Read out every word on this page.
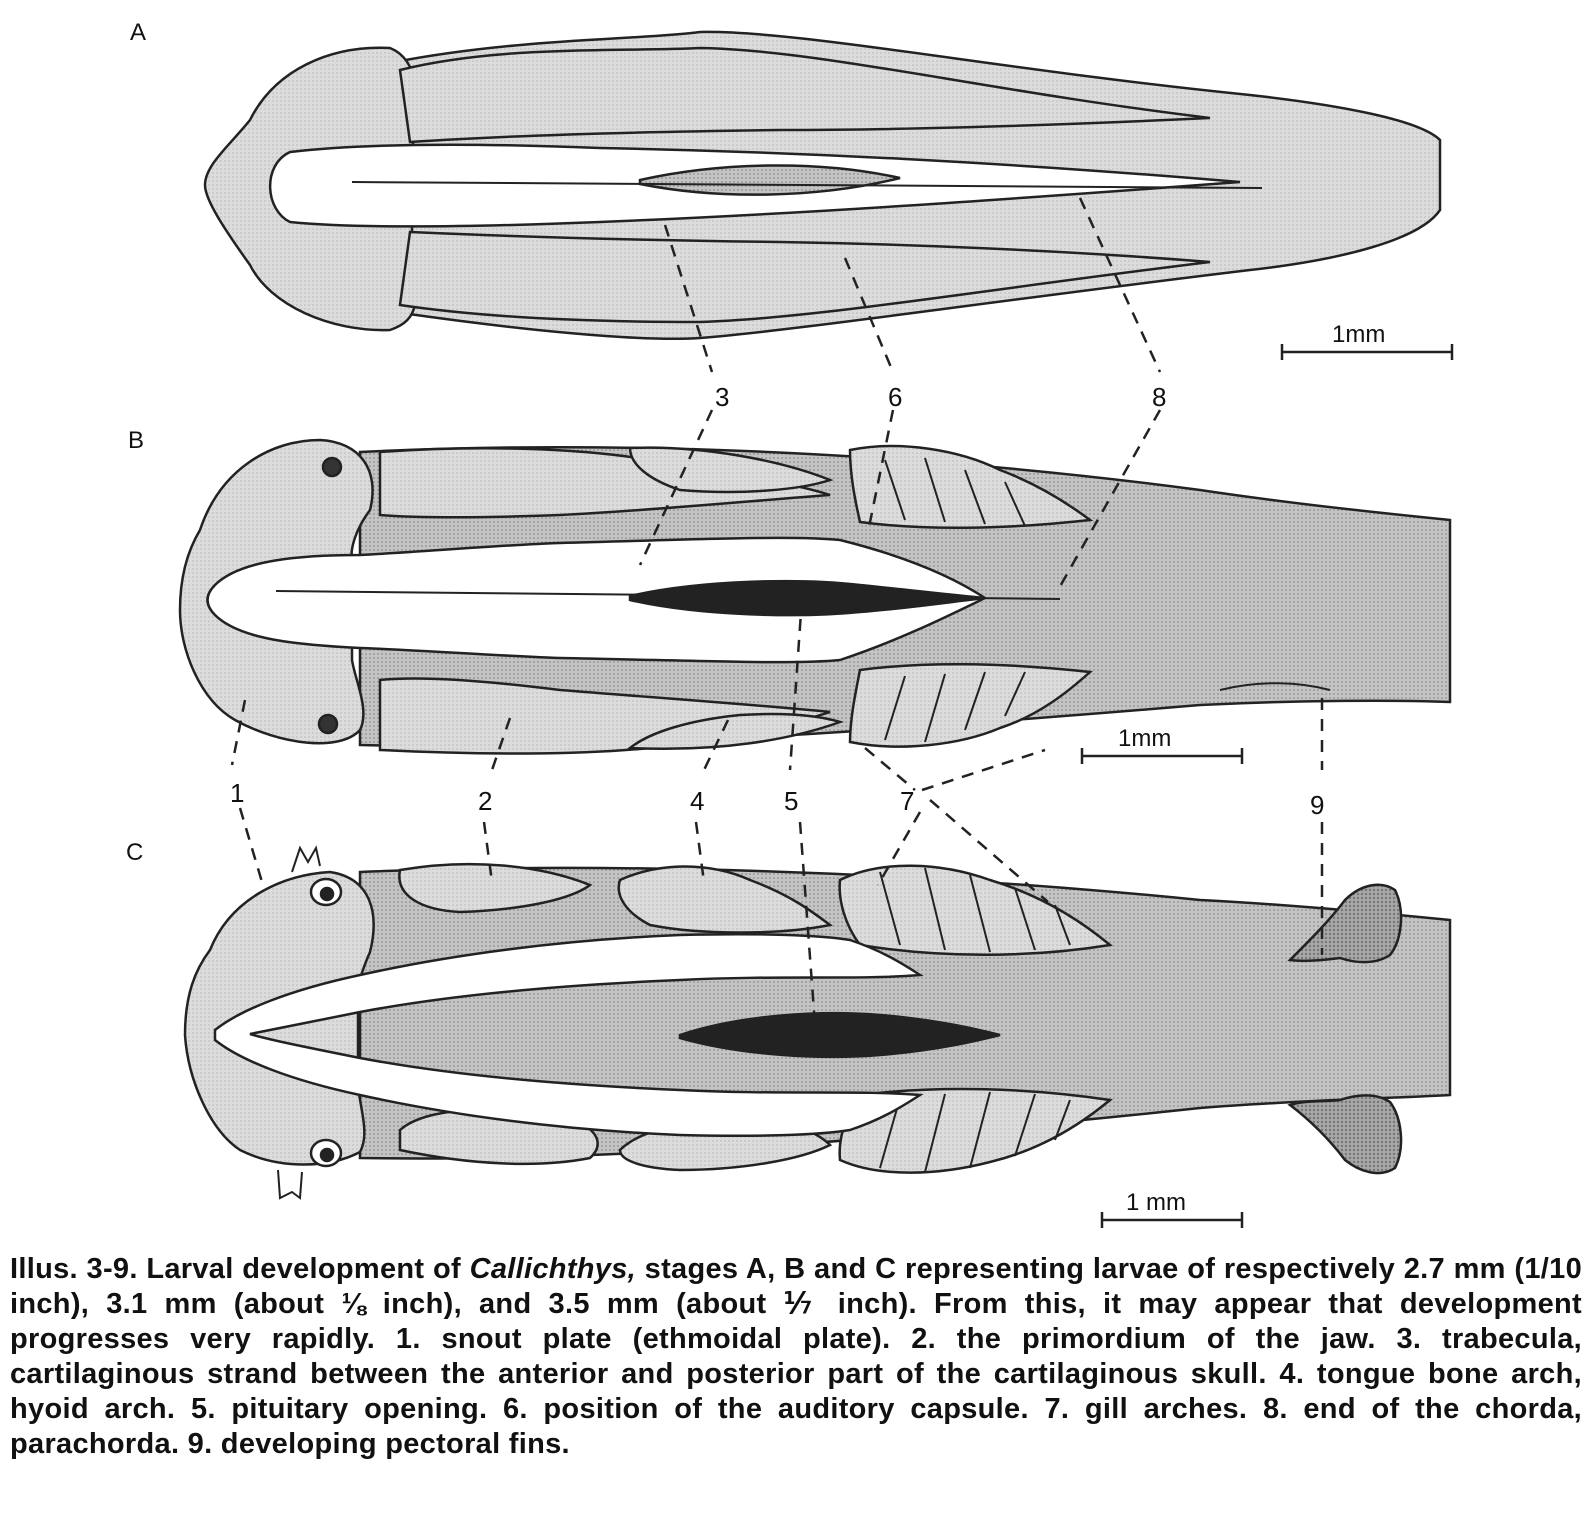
1mm
A
1mm
B
1 mm
C
1	2
3
4	5
6
7
8
9
Illus. 3-9. Larval development of Callichthys, stages A, B and C representing larvae of respectively 2.7 mm (1/10 inch), 3.1 mm (about ⅛ inch), and 3.5 mm (about ⅐ inch). From this, it may appear that development progresses very rapidly. 1. snout plate (ethmoidal plate). 2. the primordium of the jaw. 3. trabecula, cartilaginous strand between the anterior and posterior part of the cartilaginous skull. 4. tongue bone arch, hyoid arch. 5. pituitary opening. 6. position of the auditory capsule. 7. gill arches. 8. end of the chorda, parachorda. 9. developing pectoral fins.
